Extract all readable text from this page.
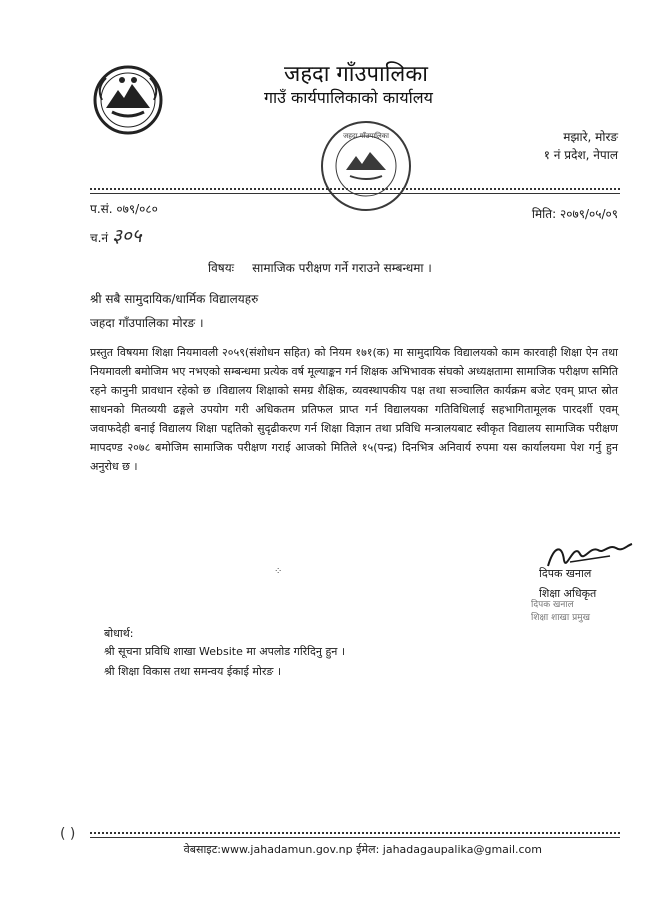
जहदा गाँउपालिका
गाउँ कार्यपालिकाको कार्यालय
जहदा गाँउपालिका	मझारे, मोरङ
१ नं प्रदेश, नेपाल
प.सं. ०७९/०८०	मिति: २०७९/०५/०९
च.नं ३०५
विषयः सामाजिक परीक्षण गर्ने गराउने सम्बन्धमा ।
श्री सबै सामुदायिक/धार्मिक विद्यालयहरु
जहदा गाँउपालिका मोरङ ।
प्रस्तुत विषयमा शिक्षा नियमावली २०५९(संशोधन सहित) को नियम १७१(क) मा सामुदायिक विद्यालयको काम कारवाही शिक्षा ऐन तथा नियमावली बमोजिम भए नभएको सम्बन्धमा प्रत्येक वर्ष मूल्याङ्कन गर्न शिक्षक अभिभावक संघको अध्यक्षतामा सामाजिक परीक्षण समिति रहने कानुनी प्रावधान रहेको छ ।विद्यालय शिक्षाको समग्र शैक्षिक, व्यवस्थापकीय पक्ष तथा सञ्चालित कार्यक्रम बजेट एवम् प्राप्त स्रोत साधनको मितव्ययी ढङ्गले उपयोग गरी अधिकतम प्रतिफल प्राप्त गर्न विद्यालयका गतिविधिलाई सहभागितामूलक पारदर्शी एवम् जवाफदेही बनाई विद्यालय शिक्षा पद्दतिको सुदृढीकरण गर्न शिक्षा विज्ञान तथा प्रविधि मन्त्रालयबाट स्वीकृत विद्यालय सामाजिक परीक्षण मापदण्ड २०७८ बमोजिम सामाजिक परीक्षण गराई आजको मितिले १५(पन्द्र) दिनभित्र अनिवार्य रुपमा यस कार्यालयमा पेश गर्नु हुन अनुरोध छ ।
⁘	दिपक खनाल
शिक्षा अधिकृत
दिपक खनाल
शिक्षा शाखा प्रमुख
बोधार्थ:
श्री सूचना प्रविधि शाखा Website मा अपलोड गरिदिनु हुन ।
श्री शिक्षा विकास तथा समन्वय ईकाई मोरङ ।
( )
वेबसाइट:www.jahadamun.gov.np ईमेल: jahadagaupalika@gmail.com
